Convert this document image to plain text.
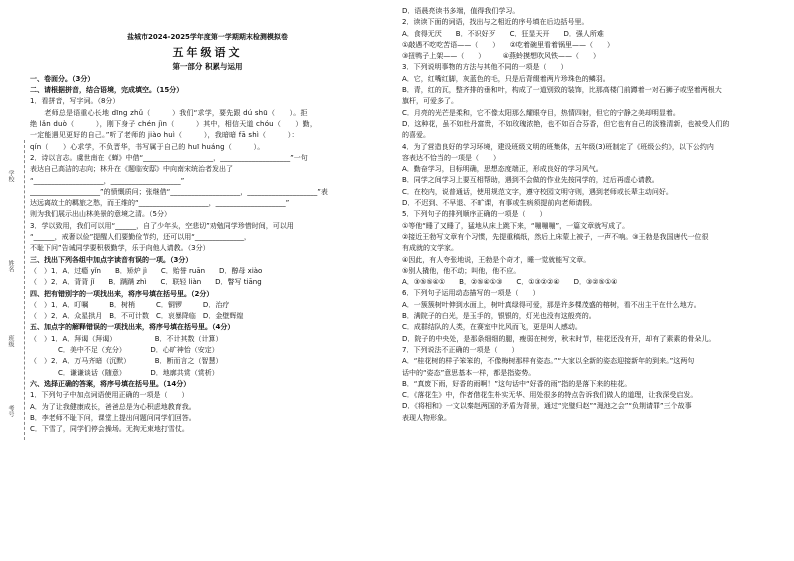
学校
姓名
班级
考号
盐城市2024-2025学年度第一学期期末检测模拟卷
五年级语文
第一部分 积累与运用
一、卷面分。（3分）
二、请根据拼音，结合语境，完成填空。（15分）
1．看拼音，写字词。（8分）
　　老师总是语重心长地 dīng zhǔ（　　　）我们“求学，要先跟 dú shū（　　）。拒
绝 lǎn duò（　　　），刚下身子 chén jìn（　　　）其中，相信天道 chóu（　　）勤，
一定能遇见更好的自己。”听了老师的 jiào huì（　　　），我暗暗 fā shì（　　　）：
qín（　　）心求学，不负晋华，书写属于自己的 huī huáng（　　　）。
2．诗以言志。虞世南在《蝉》中借“____________________，____________________”一句
表达自己高洁的志向；林升在《题临安邸》中向南宋统治者发出了
“____________________，____________________”
____________________”的愤慨质问；张继借“____________________，____________________”表
达远离故土的羁旅之愁，而王维的“____________________，____________________”
则为我们展示出山林美景的意境之清。（5分）
3．学以致用，我们可以用“______，自了少年头，空悲切”劝勉同学珍惜时间，可以用
“______，戒奢以俭”提醒人们要勤俭节约，还可以用“______________，
不耻下问”告诫同学要积极勤学，乐于向他人请教。（3分）
三、找出下列各组中加点字读音有误的一项。（3分）
（　）1．A．过瘾 yǐn　　B．矫炉 jì　　C．贻誉 ruān　　D．醇母 xiào
（　）2．A．背背 jǐ　　B．蹒蹒 zhì　　C．联轻 liàn　　D．瞥写 tiāng
四、把有错别字的一项找出来，将序号填在括号里。（2分）
（　）1．A．叮嘱　　　B．树梢　　　C．铜锣　　　D．治疗
（　）2．A．众星拱月　B．不可计数　C．哀暴降临　D．金壁辉煌
五、加点字的解释错误的一项找出来，将序号填在括号里。（4分）
（　）1．A．拜谒（拜谒）　　　　　　B．不计其数（计算）
　　　　C．美中不足（充分）　　　　D．心旷神怡（安定）
（　）2．A．万马齐暗（沉默）　　　　B．断而言之（智慧）
　　　　C．谦谦谈话（随意）　　　　D．地廓共赏（赏析）
六、选择正确的答案，将序号填在括号里。（14分）
1．下列句子中加点词语使用正确的一项是（　　）
A．为了让我健康成长，爸爸总是为心积虑地教育我。
B．李老师不耻下问，课堂上提出问题问同学们回答。
C．下雪了，同学们停会操场。无拘无束地打雪仗。
D．语晨亮读书多端，值得我们学习。
2．读读下面的词语，找出与之相近的序号填在后边括号里。
A．食得无厌　　B．不识好歹　　C．狂显天开　　D．强人所难
①敲遇不吃吃苦语——（　　）　　②吃着碗里看着锅里——（　　）
③扭鸭子上架——（　　）　　　④燕蛉摸想吹风铁——（　　）
3．下列说明事物的方法与其他不同的一项是（　　）
A．它，红嘴红脚，灰蓝色的毛，只是后背缀着两片珍珠色的鳞羽。
B．青，红的瓦，整齐排的垂和叶，构成了一道别致的装饰，比那高楼门前蹲着一对石狮子或坚着两根大
旗杆，可爱多了。
C．月亮的光芒是柔和，它不像太阳那么耀眼夺目，热情四射，但它的宁静之美却明显着。
D．这种花，虽不如杜丹富贵，不如玫瑰浓艳，也不如百合芬香，但它也有自己的淡雅清新，也被受人们的
的喜爱。
4．为了营造良好的学习环境，建设班级文明的班集体，五年级(3)班制定了《班级公约》，以下公约内
容表达不恰当的一项是（　　）
A．勤奋学习，目标明确，思想态度端正，形成良好的学习风气。
B．同学之间学习上要互相帮助，遇到不会做的作业先按同学的，过后再虚心请教。
C．在校内，说普通话，使用规范文字，遵守校园文明守则，遇到老师或长辈主动问好。
D．不迟到、不早退、不旷课，有事或生病须提前向老师请假。
5．下列句子的排列顺序正确的一项是（　　）
①等他“睡了又睡了，猛地从床上跳下来，“嘣嘣嘣”，一篇文章就写成了。
②接近王勃写文章有个习惯，先提重稿纸，然后上床蒙上被子，一声不响。③王勃是我国唐代一位很
有成就的文学家。
④因此，有人夸张地说，王勃是个奇才，睡一觉就能写文章。
⑤别人撬他，他不动；叫他，他不应。
A．③⑤⑤④①　　B．②⑤④①③　　C．①③②②④　　D．③②⑤①④
6．下列句子运用动态描写的一项是（　　）
A．一簇簇树叶伸到水面上，树叶真绿得可爱，那是许多棵茂盛的榕树，看不出主干在什么地方。
B．满院子的白光，是玉手的，银银的，灯光也没有这般亮的。
C．成群结队的人类，在赛室中比风而飞，更是叫人感动。
D．院子的中央处，是那条细细的腿，瘦弱在树旁，秋末时节，桂花还没有开，却有了素素的骨朵儿。
7．下列说法不正确的一项是（　　）
A．“桂花树的样子笨笨的，不像梅树那样有姿态。”“大家以全新的姿态迎接新年的到来。”这两句
话中的“姿态”意思基本一样，都是指姿势。
B．“真废下雨，好香的雨啊！”这句话中“好香的雨”指的是落下来的桂花。
C．《落花生》中，作者借花生朴实无华、用处很多的特点告诉我们做人的道理，让我深受启发。
D．《将相和》一文以秦赵两国的矛盾为背景，通过“完璧归赵”“渑池之会”“负荆请罪”三个故事
表现人物形象。
